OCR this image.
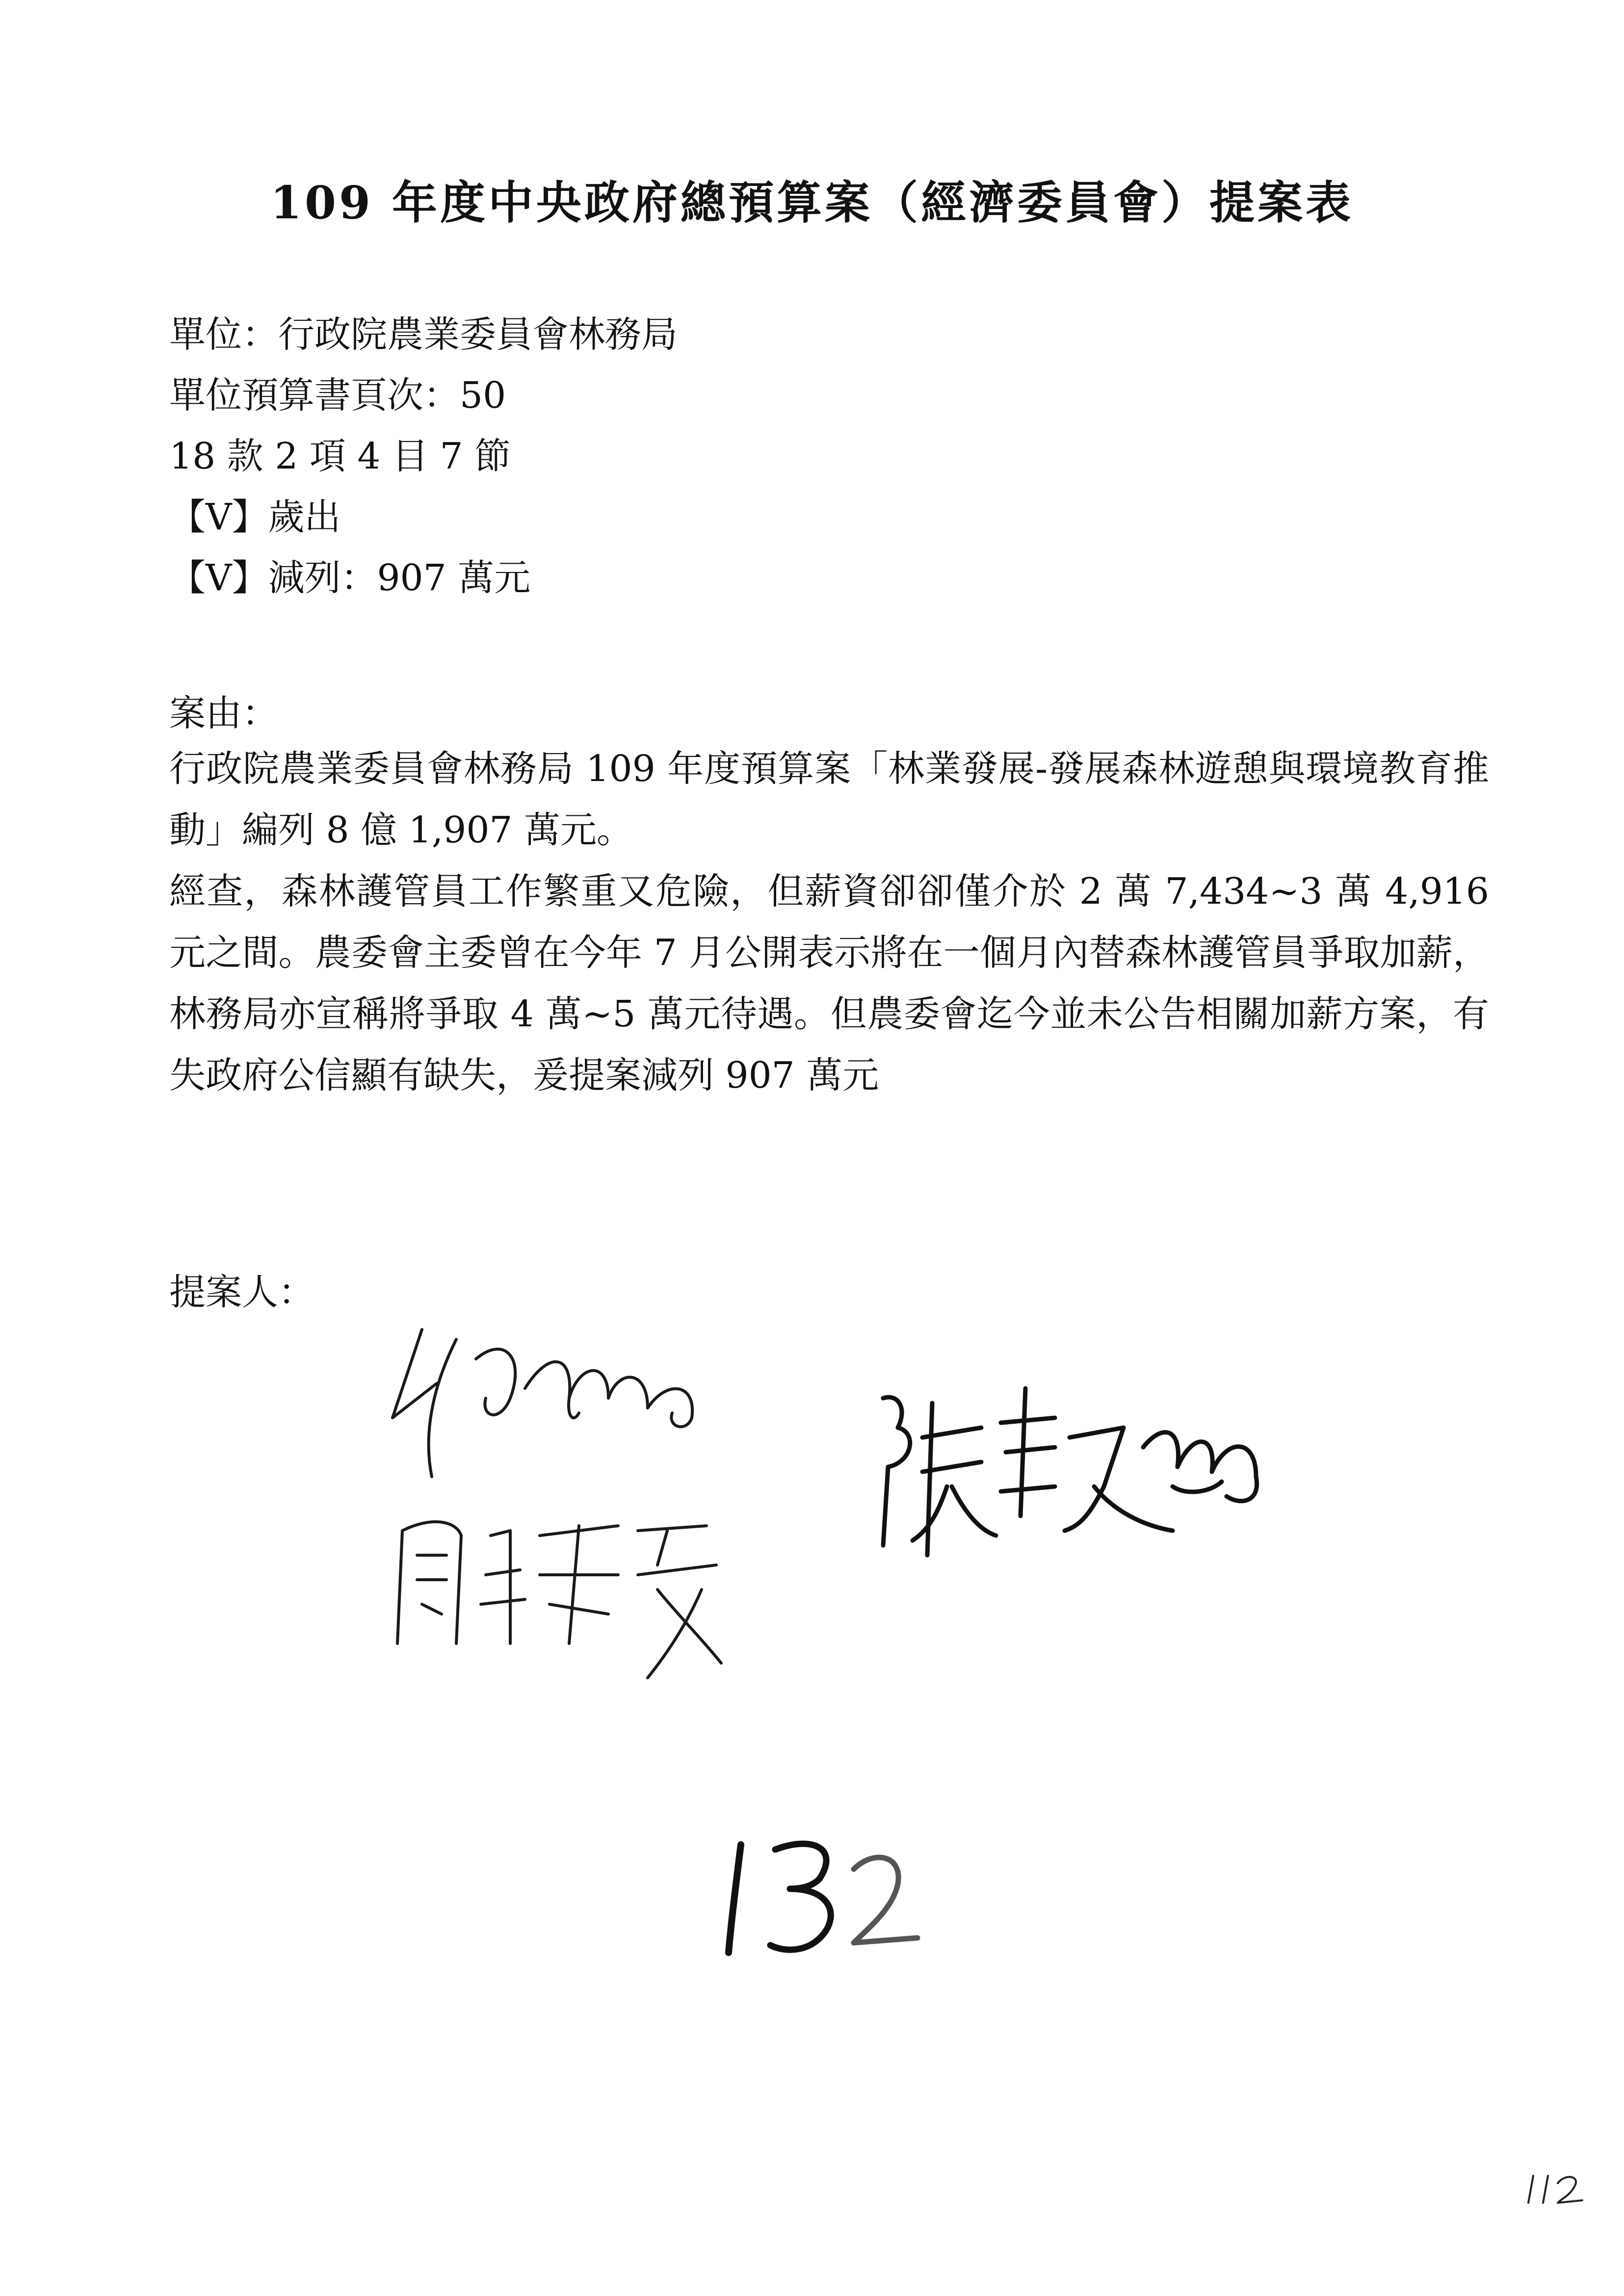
109 年度中央政府總預算案（經濟委員會）提案表
單位：行政院農業委員會林務局
單位預算書頁次：50
18 款 2 項 4 目 7 節
【V】歲出
【V】減列：907 萬元
案由：
行政院農業委員會林務局 109 年度預算案「林業發展-發展森林遊憩與環境教育推動」編列 8 億 1,907 萬元。
經查，森林護管員工作繁重又危險，但薪資卻卻僅介於 2 萬 7,434~3 萬 4,916 元之間。農委會主委曾在今年 7 月公開表示將在一個月內替森林護管員爭取加薪，林務局亦宣稱將爭取 4 萬~5 萬元待遇。但農委會迄今並未公告相關加薪方案，有失政府公信顯有缺失，爰提案減列 907 萬元
提案人：
